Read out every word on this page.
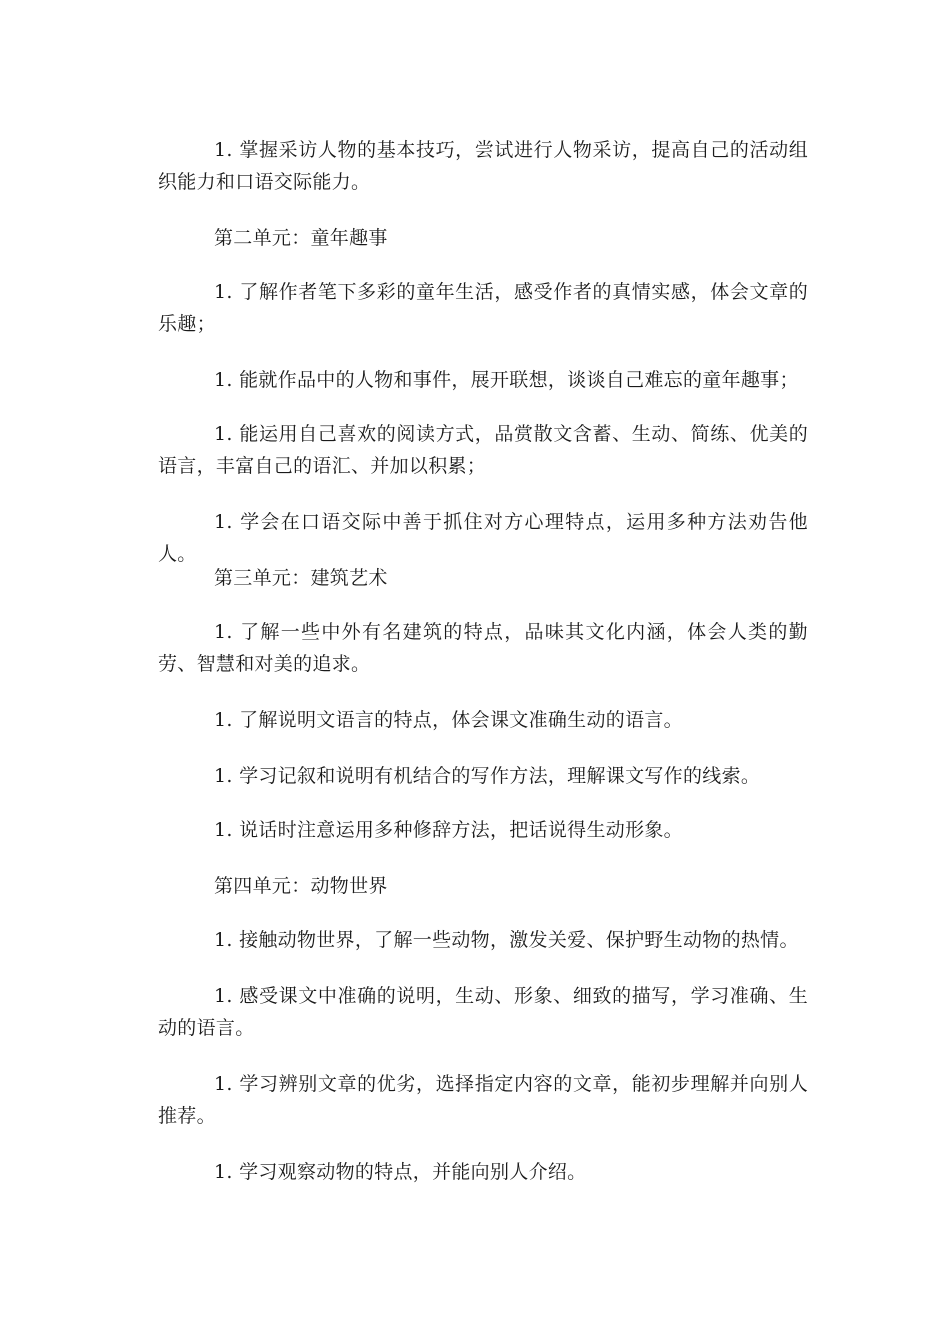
1. 掌握采访人物的基本技巧，尝试进行人物采访，提高自己的活动组织能力和口语交际能力。

第二单元：童年趣事

1. 了解作者笔下多彩的童年生活，感受作者的真情实感，体会文章的乐趣；

1. 能就作品中的人物和事件，展开联想，谈谈自己难忘的童年趣事；

1. 能运用自己喜欢的阅读方式，品赏散文含蓄、生动、简练、优美的语言，丰富自己的语汇、并加以积累；

1. 学会在口语交际中善于抓住对方心理特点，运用多种方法劝告他人。

第三单元：建筑艺术

1. 了解一些中外有名建筑的特点，品味其文化内涵，体会人类的勤劳、智慧和对美的追求。

1. 了解说明文语言的特点，体会课文准确生动的语言。

1. 学习记叙和说明有机结合的写作方法，理解课文写作的线索。

1. 说话时注意运用多种修辞方法，把话说得生动形象。

第四单元：动物世界

1. 接触动物世界，了解一些动物，激发关爱、保护野生动物的热情。

1. 感受课文中准确的说明，生动、形象、细致的描写，学习准确、生动的语言。

1. 学习辨别文章的优劣，选择指定内容的文章，能初步理解并向别人推荐。

1. 学习观察动物的特点，并能向别人介绍。
